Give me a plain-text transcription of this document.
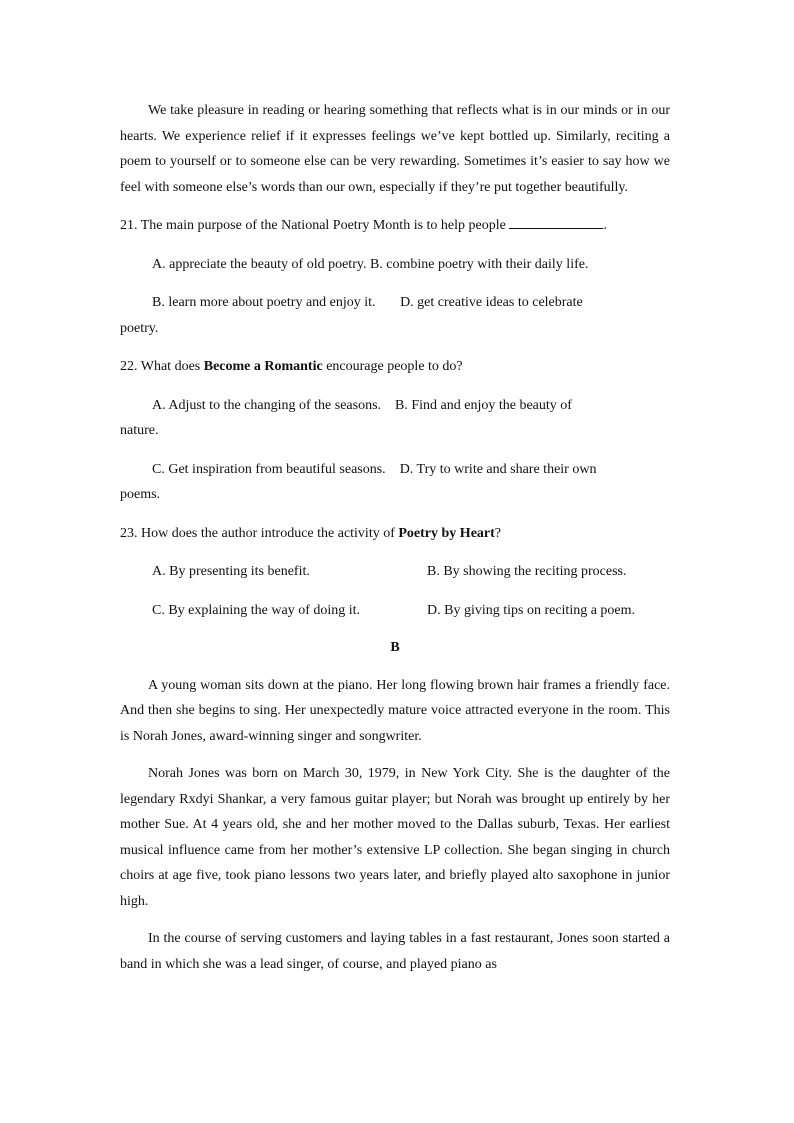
We take pleasure in reading or hearing something that reflects what is in our minds or in our hearts. We experience relief if it expresses feelings we’ve kept bottled up. Similarly, reciting a poem to yourself or to someone else can be very rewarding. Sometimes it’s easier to say how we feel with someone else’s words than our own, especially if they’re put together beautifully.

21. The main purpose of the National Poetry Month is to help people	.
A. appreciate the beauty of old poetry. B. combine poetry with their daily life.
B. learn more about poetry and enjoy it. D. get creative ideas to celebrate
poetry.
22. What does Become a Romantic encourage people to do?
A. Adjust to the changing of the seasons. B. Find and enjoy the beauty of
nature.
C. Get inspiration from beautiful seasons. D. Try to write and share their own
poems.
23. How does the author introduce the activity of Poetry by Heart?
A. By presenting its benefit.	B. By showing the reciting process.
C. By explaining the way of doing it.	D. By giving tips on reciting a poem.
B

A young woman sits down at the piano. Her long flowing brown hair frames a friendly face. And then she begins to sing. Her unexpectedly mature voice attracted everyone in the room. This is Norah Jones, award-winning singer and songwriter.

Norah Jones was born on March 30, 1979, in New York City. She is the daughter of the legendary Rxdyi Shankar, a very famous guitar player; but Norah was brought up entirely by her mother Sue. At 4 years old, she and her mother moved to the Dallas suburb, Texas. Her earliest musical influence came from her mother’s extensive LP collection. She began singing in church choirs at age five, took piano lessons two years later, and briefly played alto saxophone in junior high.

In the course of serving customers and laying tables in a fast restaurant, Jones soon started a band in which she was a lead singer, of course, and played piano as
